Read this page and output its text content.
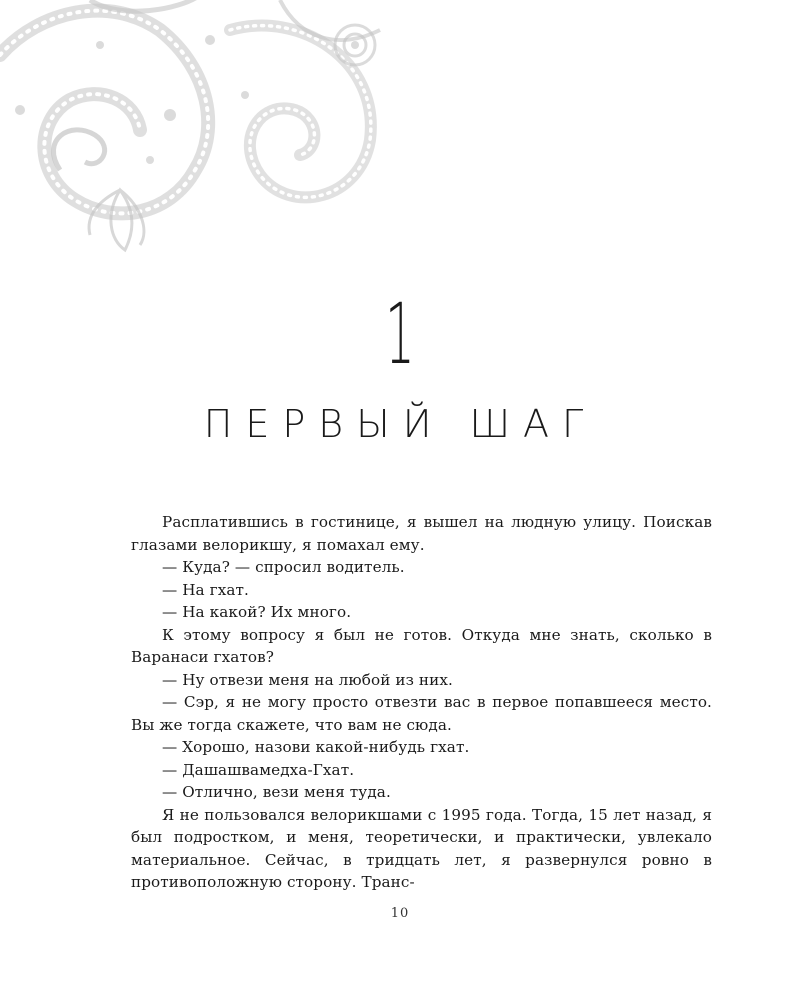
1
ПЕРВЫЙ ШАГ

Расплатившись в гостинице, я вышел на людную улицу. Поискав глазами велорикшу, я помахал ему.

— Куда? — спросил водитель.

— На гхат.

— На какой? Их много.

К этому вопросу я был не готов. Откуда мне знать, сколько в Варанаси гхатов?

— Ну отвези меня на любой из них.

— Сэр, я не могу просто отвезти вас в первое попавшееся место. Вы же тогда скажете, что вам не сюда.

— Хорошо, назови какой-нибудь гхат.

— Дашашвамедха-Гхат.

— Отлично, вези меня туда.

Я не пользовался велорикшами с 1995 года. Тогда, 15 лет назад, я был подростком, и меня, теоретически, и практически, увлекало материальное. Сейчас, в тридцать лет, я развернулся ровно в противоположную сторону. Транс-

10
